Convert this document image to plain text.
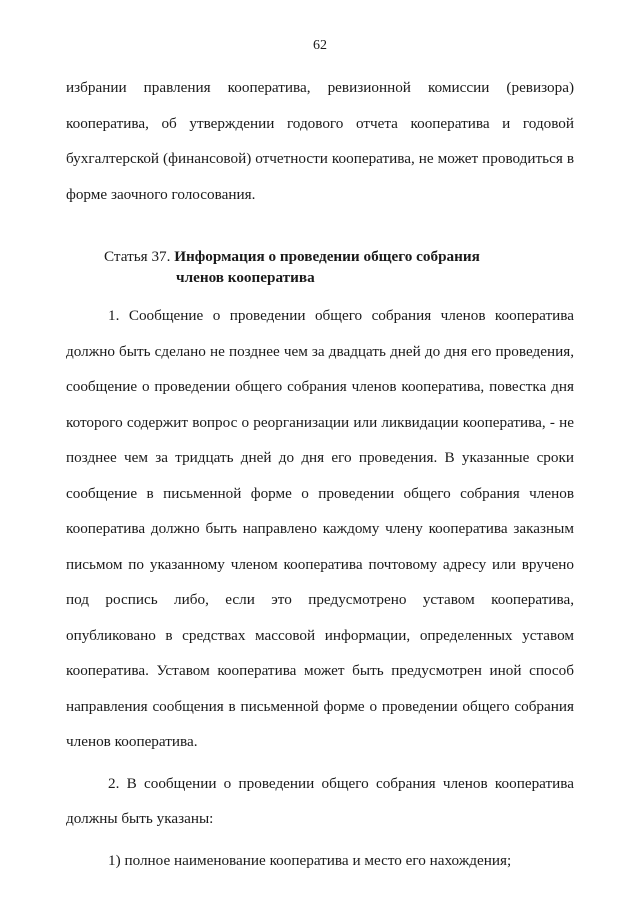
62

избрании правления кооператива, ревизионной комиссии (ревизора) кооператива, об утверждении годового отчета кооператива и годовой бухгалтерской (финансовой) отчетности кооператива, не может проводиться в форме заочного голосования.

Статья 37. Информация о проведении общего собрания
членов кооператива

1. Сообщение о проведении общего собрания членов кооператива должно быть сделано не позднее чем за двадцать дней до дня его проведения, сообщение о проведении общего собрания членов кооператива, повестка дня которого содержит вопрос о реорганизации или ликвидации кооператива, - не позднее чем за тридцать дней до дня его проведения. В указанные сроки сообщение в письменной форме о проведении общего собрания членов кооператива должно быть направлено каждому члену кооператива заказным письмом по указанному членом кооператива почтовому адресу или вручено под роспись либо, если это предусмотрено уставом кооператива, опубликовано в средствах массовой информации, определенных уставом кооператива. Уставом кооператива может быть предусмотрен иной способ направления сообщения в письменной форме о проведении общего собрания членов кооператива.

2. В сообщении о проведении общего собрания членов кооператива должны быть указаны:

1) полное наименование кооператива и место его нахождения;
